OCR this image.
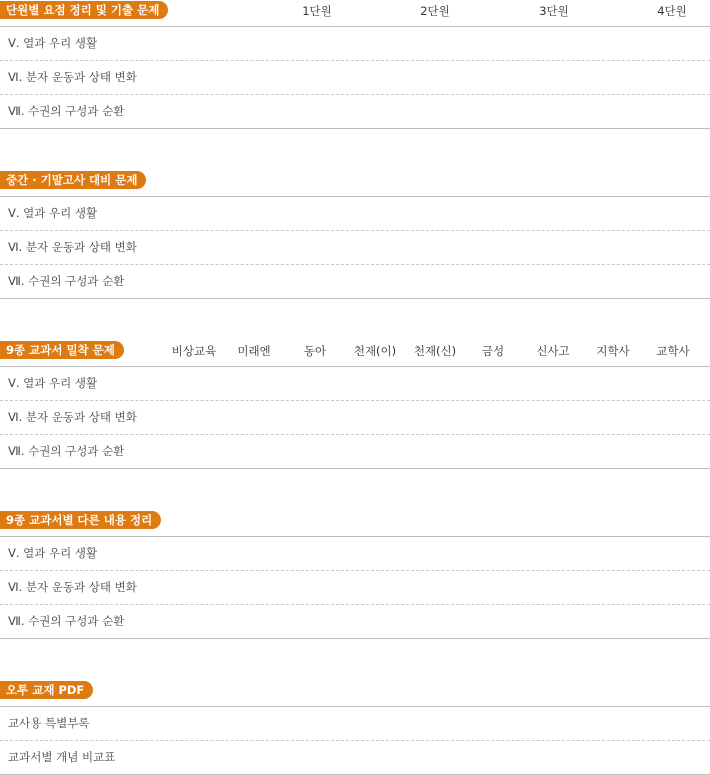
단원별 요점 정리 및 기출 문제	1단원	2단원	3단원	4단원
Ⅴ. 열과 우리 생활
Ⅵ. 분자 운동과 상태 변화
Ⅶ. 수권의 구성과 순환
중간 · 기말고사 대비 문제
Ⅴ. 열과 우리 생활
Ⅵ. 분자 운동과 상태 변화
Ⅶ. 수권의 구성과 순환
9종 교과서 밀착 문제	비상교육 미래엔	동아 천재(이) 천재(신) 금성	신사고 지학사 교학사
Ⅴ. 열과 우리 생활
Ⅵ. 분자 운동과 상태 변화
Ⅶ. 수권의 구성과 순환
9종 교과서별 다른 내용 정리
Ⅴ. 열과 우리 생활
Ⅵ. 분자 운동과 상태 변화
Ⅶ. 수권의 구성과 순환
오투 교재 PDF
교사용 특별부록
교과서별 개념 비교표
